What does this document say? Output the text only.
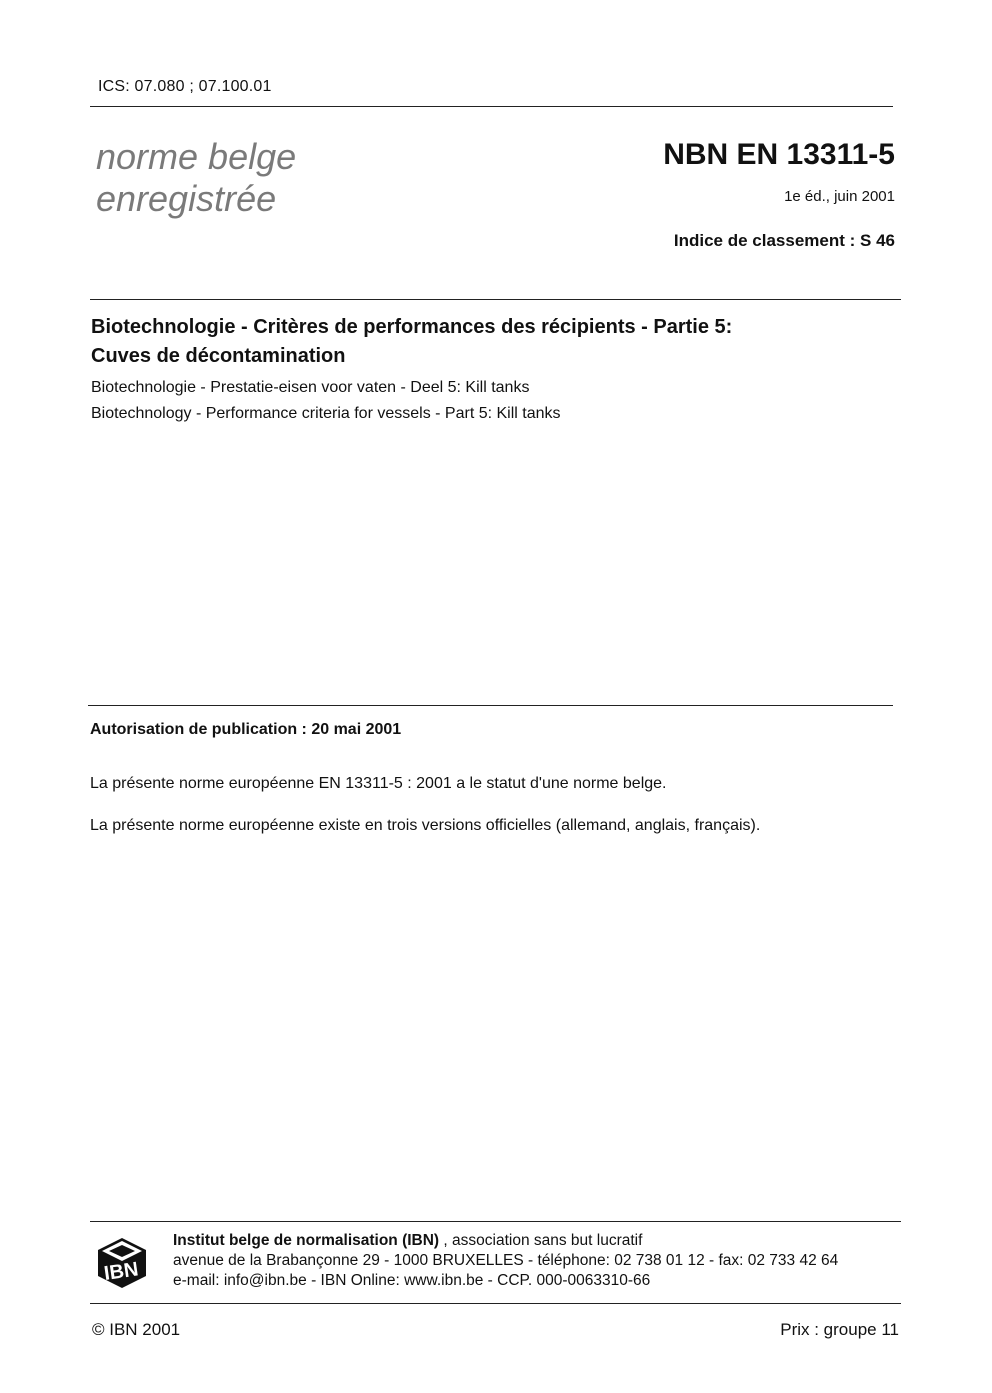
ICS: 07.080 ; 07.100.01
norme belge
enregistrée
NBN EN 13311-5
1e éd., juin 2001
Indice de classement : S 46
Biotechnologie - Critères de performances des récipients - Partie 5:
Cuves de décontamination
Biotechnologie - Prestatie-eisen voor vaten - Deel 5: Kill tanks
Biotechnology - Performance criteria for vessels - Part 5: Kill tanks
Autorisation de publication : 20 mai 2001
La présente norme européenne EN 13311-5 : 2001 a le statut d'une norme belge.
La présente norme européenne existe en trois versions officielles (allemand, anglais, français).
IBN
Institut belge de normalisation (IBN) , association sans but lucratif
avenue de la Brabançonne 29 - 1000 BRUXELLES - téléphone: 02 738 01 12 - fax: 02 733 42 64
e-mail: info@ibn.be - IBN Online: www.ibn.be - CCP. 000-0063310-66
© IBN 2001	Prix : groupe 11
